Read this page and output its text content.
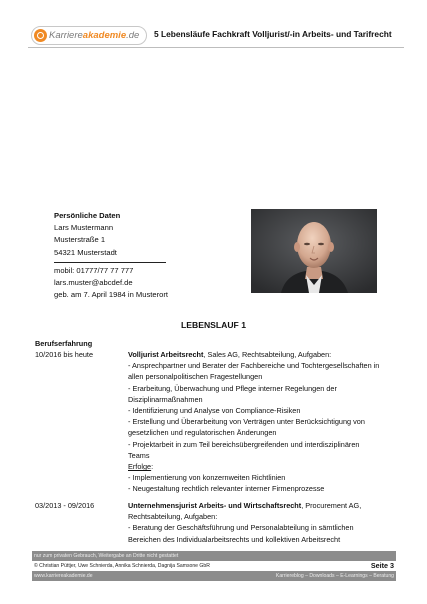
Karriereakademie.de 5 Lebensläufe Fachkraft Volljurist/-in Arbeits- und Tarifrecht
Persönliche Daten
Lars Mustermann
Musterstraße 1
54321 Musterstadt
mobil: 01777/77 77 777
lars.muster@abcdef.de
geb. am 7. April 1984 in Musterort
LEBENSLAUF 1
Berufserfahrung
10/2016 bis heute	Volljurist Arbeitsrecht, Sales AG, Rechtsabteilung, Aufgaben:
- Ansprechpartner und Berater der Fachbereiche und Tochtergesellschaften in allen personalpolitischen Fragestellungen
- Erarbeitung, Überwachung und Pflege interner Regelungen der Disziplinarmaßnahmen
- Identifizierung und Analyse von Compliance-Risiken
- Erstellung und Überarbeitung von Verträgen unter Berücksichtigung von gesetzlichen und regulatorischen Änderungen
- Projektarbeit in zum Teil bereichsübergreifenden und interdisziplinären Teams
Erfolge:
- Implementierung von konzernweiten Richtlinien
- Neugestaltung rechtlich relevanter interner Firmenprozesse
03/2013 - 09/2016	Unternehmensjurist Arbeits- und Wirtschaftsrecht, Procurement AG, Rechtsabteilung, Aufgaben:
- Beratung der Geschäftsführung und Personalabteilung in sämtlichen Bereichen des Individualarbeitsrechts und kollektiven Arbeitsrecht
nur zum privaten Gebrauch, Weitergabe an Dritte nicht gestattet
© Christian Püttjer, Uwe Schnierda, Annika Schnierda, Dagnija Samsone GbR	Seite 3
www.karriereakademie.de	Karriereblog – Downloads – E-Learnings – Beratung
